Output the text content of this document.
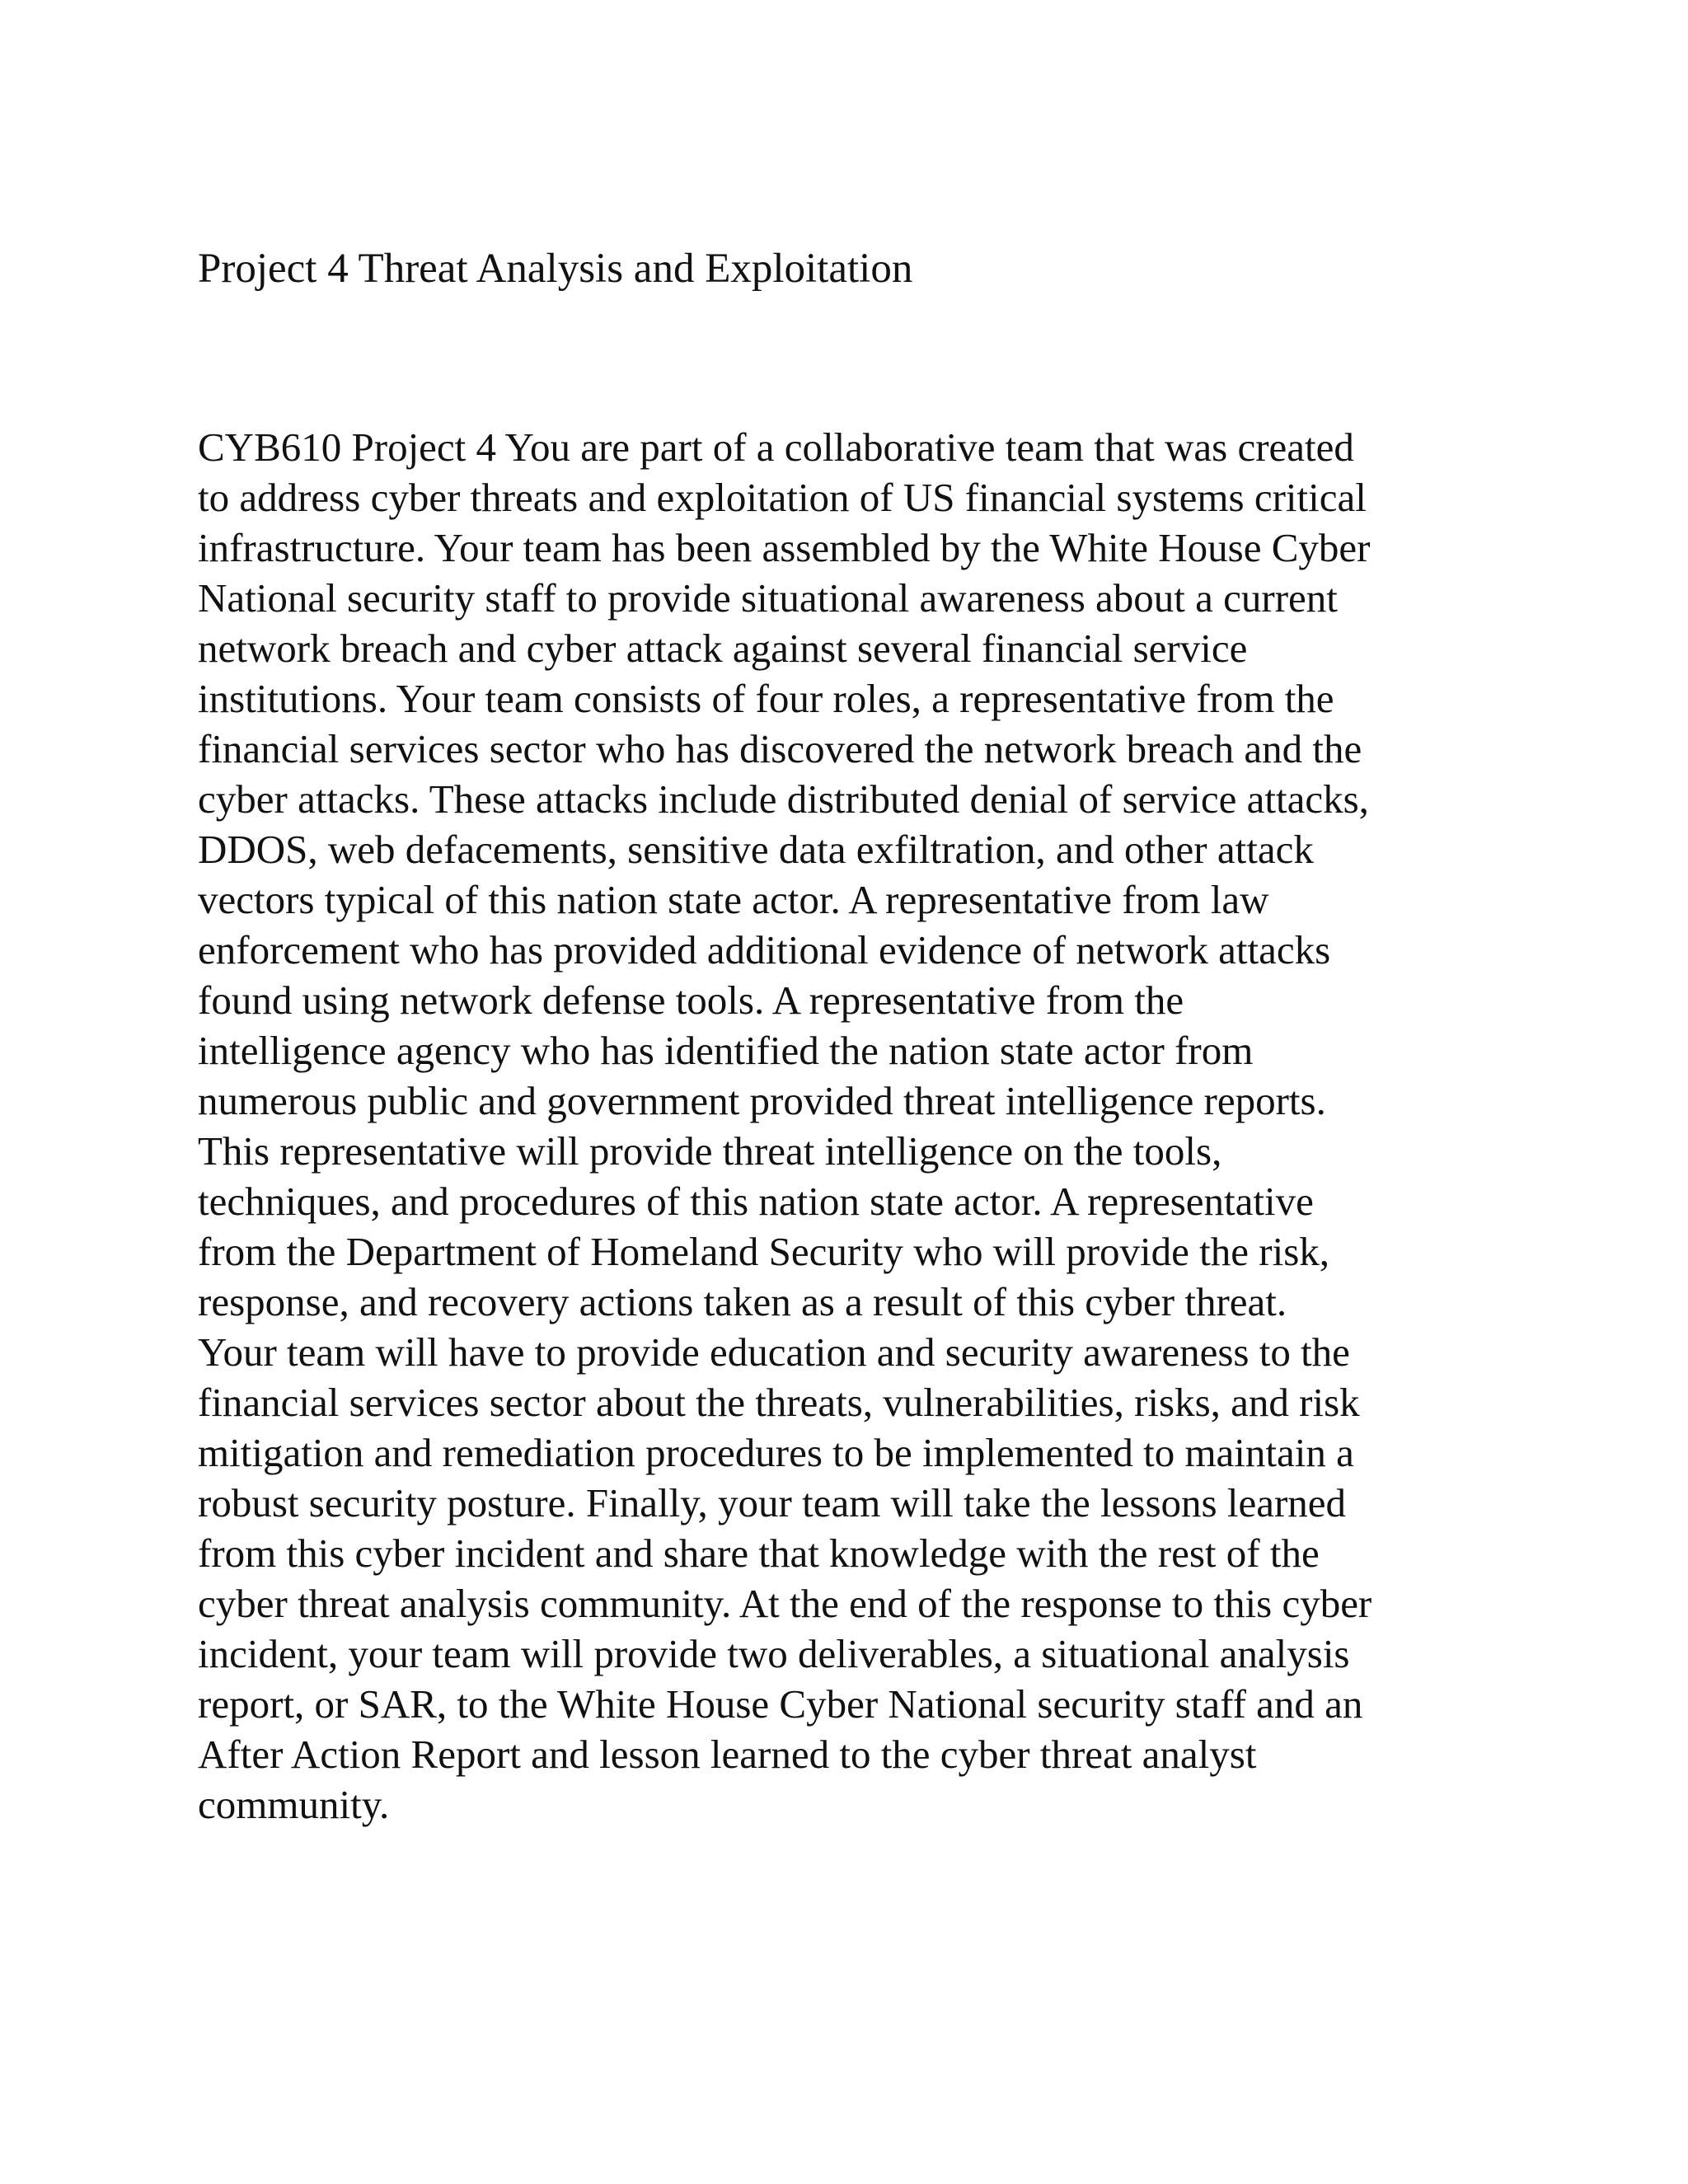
Project 4 Threat Analysis and Exploitation
CYB610 Project 4 You are part of a collaborative team that was created
to address cyber threats and exploitation of US financial systems critical
infrastructure. Your team has been assembled by the White House Cyber
National security staff to provide situational awareness about a current
network breach and cyber attack against several financial service
institutions. Your team consists of four roles, a representative from the
financial services sector who has discovered the network breach and the
cyber attacks. These attacks include distributed denial of service attacks,
DDOS, web defacements, sensitive data exfiltration, and other attack
vectors typical of this nation state actor. A representative from law
enforcement who has provided additional evidence of network attacks
found using network defense tools. A representative from the
intelligence agency who has identified the nation state actor from
numerous public and government provided threat intelligence reports.
This representative will provide threat intelligence on the tools,
techniques, and procedures of this nation state actor. A representative
from the Department of Homeland Security who will provide the risk,
response, and recovery actions taken as a result of this cyber threat.
Your team will have to provide education and security awareness to the
financial services sector about the threats, vulnerabilities, risks, and risk
mitigation and remediation procedures to be implemented to maintain a
robust security posture. Finally, your team will take the lessons learned
from this cyber incident and share that knowledge with the rest of the
cyber threat analysis community. At the end of the response to this cyber
incident, your team will provide two deliverables, a situational analysis
report, or SAR, to the White House Cyber National security staff and an
After Action Report and lesson learned to the cyber threat analyst
community.
